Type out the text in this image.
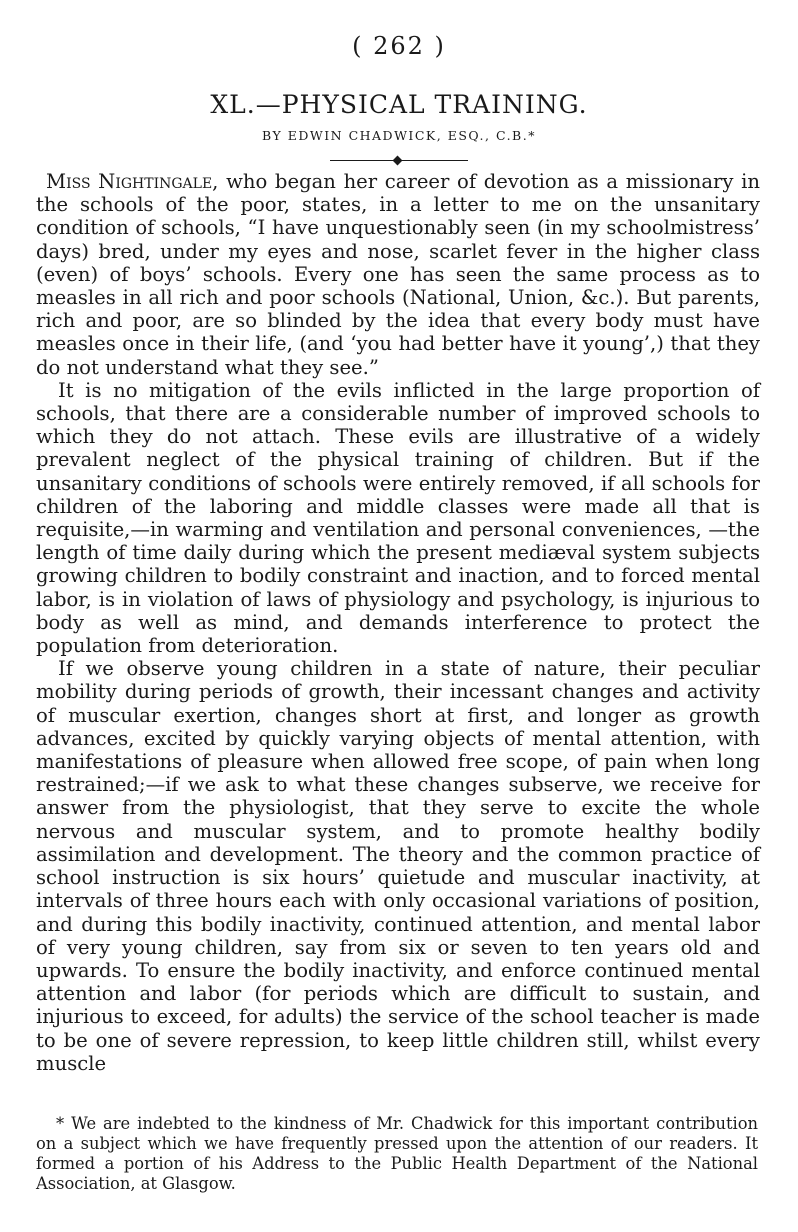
( 262 )
XL.—PHYSICAL TRAINING.
BY EDWIN CHADWICK, ESQ., C.B.*

Miss Nightingale, who began her career of devotion as a missionary in the schools of the poor, states, in a letter to me on the unsanitary condition of schools, “I have unquestionably seen (in my schoolmistress’ days) bred, under my eyes and nose, scarlet fever in the higher class (even) of boys’ schools. Every one has seen the same process as to measles in all rich and poor schools (National, Union, &c.). But parents, rich and poor, are so blinded by the idea that every body must have measles once in their life, (and ‘you had better have it young’,) that they do not understand what they see.”

It is no mitigation of the evils inflicted in the large proportion of schools, that there are a considerable number of improved schools to which they do not attach. These evils are illustrative of a widely prevalent neglect of the physical training of children. But if the unsanitary conditions of schools were entirely removed, if all schools for children of the laboring and middle classes were made all that is requisite,—in warming and ventilation and personal conveniences, —the length of time daily during which the present mediæval system subjects growing children to bodily constraint and inaction, and to forced mental labor, is in violation of laws of physiology and psychology, is injurious to body as well as mind, and demands interference to protect the population from deterioration.

If we observe young children in a state of nature, their peculiar mobility during periods of growth, their incessant changes and activity of muscular exertion, changes short at first, and longer as growth advances, excited by quickly varying objects of mental attention, with manifestations of pleasure when allowed free scope, of pain when long restrained;—if we ask to what these changes subserve, we receive for answer from the physiologist, that they serve to excite the whole nervous and muscular system, and to promote healthy bodily assimilation and development. The theory and the common practice of school instruction is six hours’ quietude and muscular inactivity, at intervals of three hours each with only occasional variations of position, and during this bodily inactivity, continued attention, and mental labor of very young children, say from six or seven to ten years old and upwards. To ensure the bodily inactivity, and enforce continued mental attention and labor (for periods which are difficult to sustain, and injurious to exceed, for adults) the service of the school teacher is made to be one of severe repression, to keep little children still, whilst every muscle

* We are indebted to the kindness of Mr. Chadwick for this important contribution on a subject which we have frequently pressed upon the attention of our readers. It formed a portion of his Address to the Public Health Department of the National Association, at Glasgow.
